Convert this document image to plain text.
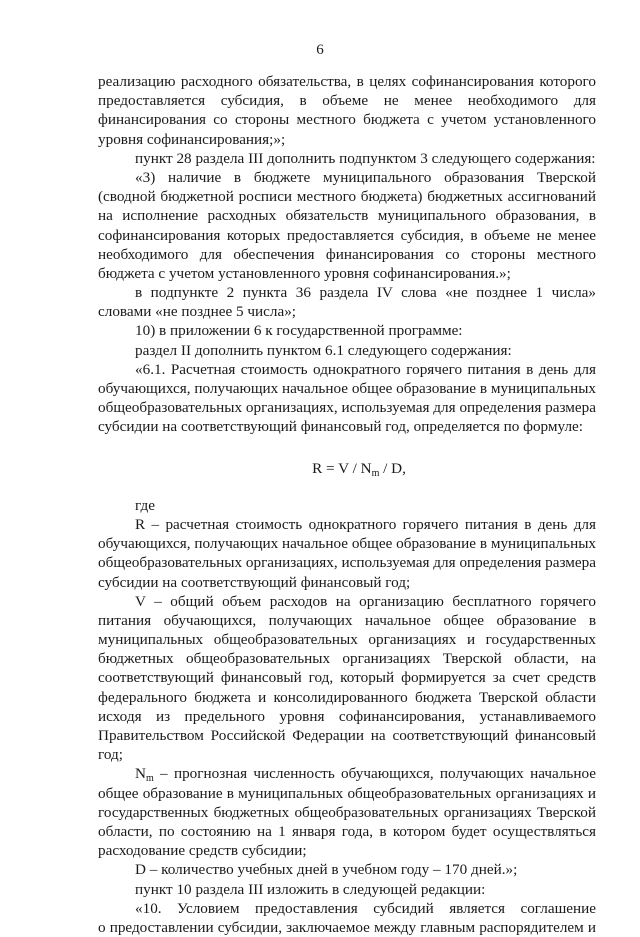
6
реализацию расходного обязательства, в целях софинансирования которого
предоставляется субсидия, в объеме не менее необходимого для
финансирования со стороны местного бюджета с учетом установленного
уровня софинансирования;»;
пункт 28 раздела III дополнить подпунктом 3 следующего содержания:
«3) наличие в бюджете муниципального образования Тверской
(сводной бюджетной росписи местного бюджета) бюджетных ассигнований
на исполнение расходных обязательств муниципального образования, в
софинансирования которых предоставляется субсидия, в объеме не менее
необходимого для обеспечения финансирования со стороны местного
бюджета с учетом установленного уровня софинансирования.»;
в подпункте 2 пункта 36 раздела IV слова «не позднее 1 числа»
словами «не позднее 5 числа»;
10) в приложении 6 к государственной программе:
раздел II дополнить пунктом 6.1 следующего содержания:
«6.1. Расчетная стоимость однократного горячего питания в день для
обучающихся, получающих начальное общее образование в муниципальных
общеобразовательных организациях, используемая для определения размера
субсидии на соответствующий финансовый год, определяется по формуле:
$R = V / N_m / D$,
где
R – расчетная стоимость однократного горячего питания в день для
обучающихся, получающих начальное общее образование в муниципальных
общеобразовательных организациях, используемая для определения размера
субсидии на соответствующий финансовый год;
V – общий объем расходов на организацию бесплатного горячего
питания обучающихся, получающих начальное общее образование в
муниципальных общеобразовательных организациях и государственных
бюджетных общеобразовательных организациях Тверской области, на
соответствующий финансовый год, который формируется за счет средств
федерального бюджета и консолидированного бюджета Тверской области
исходя из предельного уровня софинансирования, устанавливаемого
Правительством Российской Федерации на соответствующий финансовый
год;
$N_m$ – прогнозная численность обучающихся, получающих начальное
общее образование в муниципальных общеобразовательных организациях и
государственных бюджетных общеобразовательных организациях Тверской
области, по состоянию на 1 января года, в котором будет осуществляться
расходование средств субсидии;
D – количество учебных дней в учебном году – 170 дней.»;
пункт 10 раздела III изложить в следующей редакции:
«10. Условием предоставления субсидий является соглашение
о предоставлении субсидии, заключаемое между главным распорядителем и
